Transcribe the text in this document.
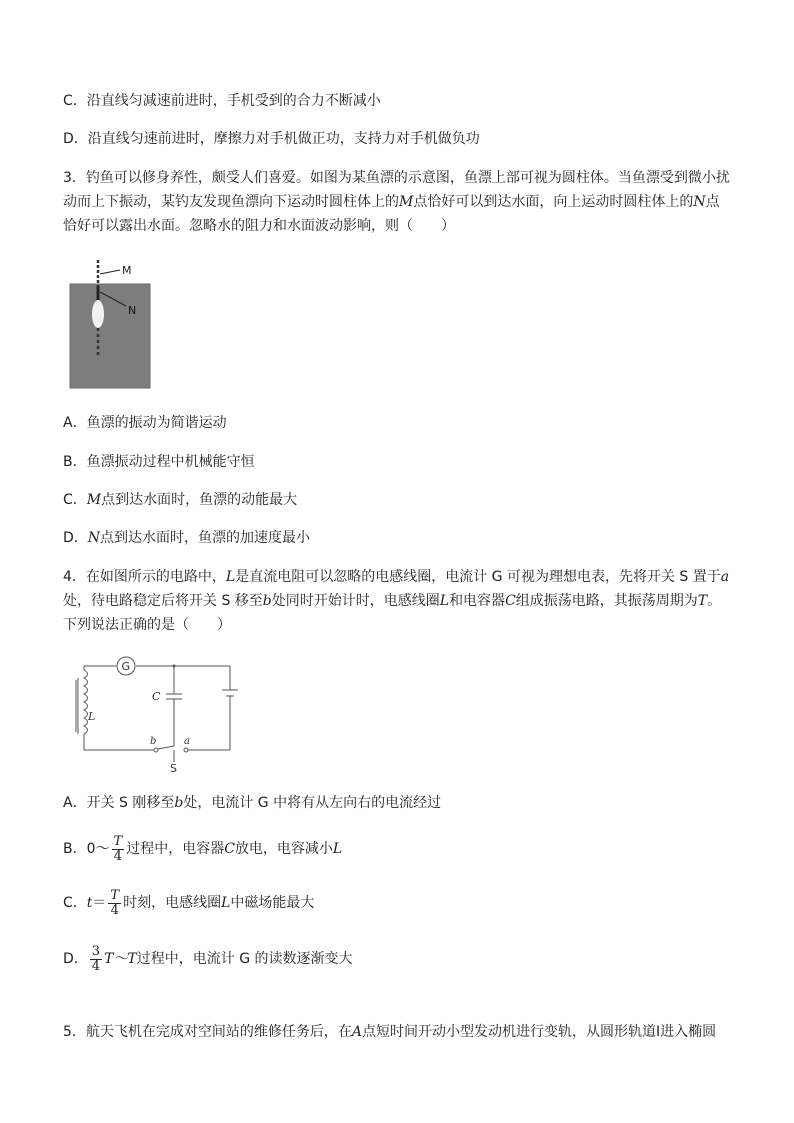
C．沿直线匀减速前进时，手机受到的合力不断减小
D．沿直线匀速前进时，摩擦力对手机做正功，支持力对手机做负功
3．钓鱼可以修身养性，颇受人们喜爱。如图为某鱼漂的示意图，鱼漂上部可视为圆柱体。当鱼漂受到微小扰
动而上下振动，某钓友发现鱼漂向下运动时圆柱体上的M点恰好可以到达水面，向上运动时圆柱体上的N点
恰好可以露出水面。忽略水的阻力和水面波动影响，则（　　）
M
N
A．鱼漂的振动为简谐运动
B．鱼漂振动过程中机械能守恒
C．M点到达水面时，鱼漂的动能最大
D．N点到达水面时，鱼漂的加速度最小
4．在如图所示的电路中，L是直流电阻可以忽略的电感线圈，电流计 G 可视为理想电表，先将开关 S 置于a
处，待电路稳定后将开关 S 移至b处同时开始计时，电感线圈L和电容器C组成振荡电路，其振荡周期为T。
下列说法正确的是（　　）
G
C
L
b	a
S
A．开关 S 刚移至b处，电流计 G 中将有从左向右的电流经过
B．0～ $\frac{T}{4}$ 过程中，电容器C放电，电容减小L
C．$t= \frac{T}{4}$ 时刻，电感线圈L中磁场能最大
D． $\frac{3}{4}$ T～T过程中，电流计 G 的读数逐渐变大
5．航天飞机在完成对空间站的维修任务后，在A点短时间开动小型发动机进行变轨，从圆形轨道Ⅰ进入椭圆
